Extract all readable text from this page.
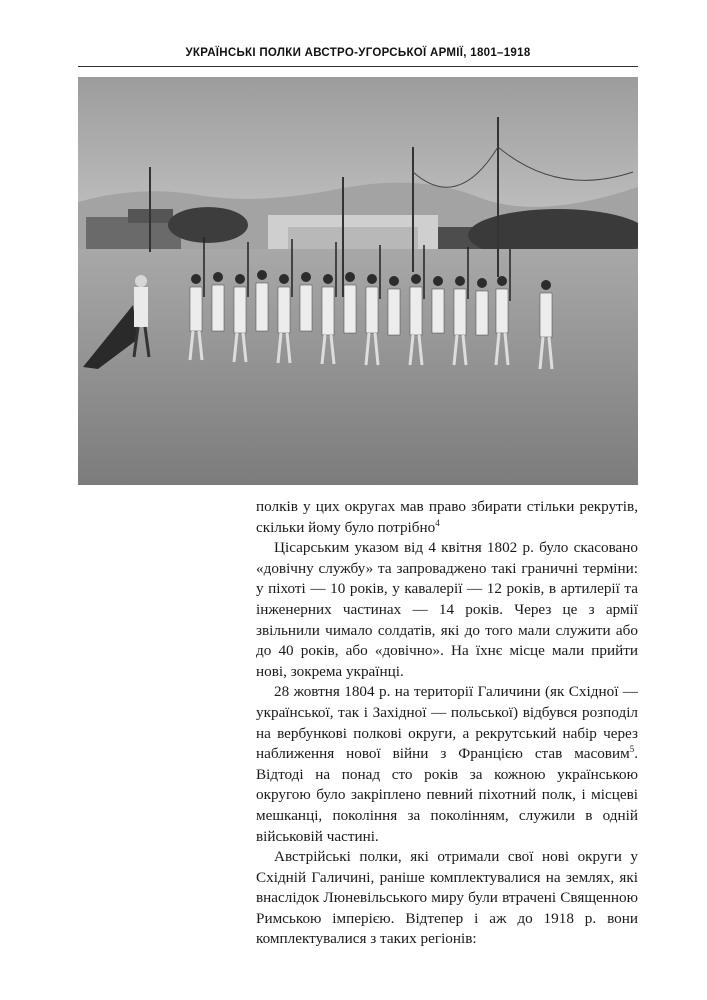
УКРАЇНСЬКІ ПОЛКИ АВСТРО-УГОРСЬКОЇ АРМІЇ, 1801–1918

полків у цих округах мав право збирати стільки рекрутів, скільки йому було потрібно$^4$

Цісарським указом від 4 квітня 1802 р. було скасовано «довічну службу» та запроваджено такі граничні терміни: у піхоті — 10 років, у кавалерії — 12 років, в артилерії та інженерних частинах — 14 років. Через це з армії звільнили чимало солдатів, які до того мали служити або до 40 років, або «довічно». На їхнє місце мали прийти нові, зокрема українці.

28 жовтня 1804 р. на території Галичини (як Східної — української, так і Західної — польської) відбувся розподіл на вербункові полкові округи, а рекрутський набір через наближення нової війни з Францією став масовим$^5$. Відтоді на понад сто років за кожною українською округою було закріплено певний піхотний полк, і місцеві мешканці, покоління за поколінням, служили в одній військовій частині.

Австрійські полки, які отримали свої нові округи у Східній Галичині, раніше комплектувалися на землях, які внаслідок Люневільського миру були втрачені Священною Римською імперією. Відтепер і аж до 1918 р. вони комплектувалися з таких регіонів:
